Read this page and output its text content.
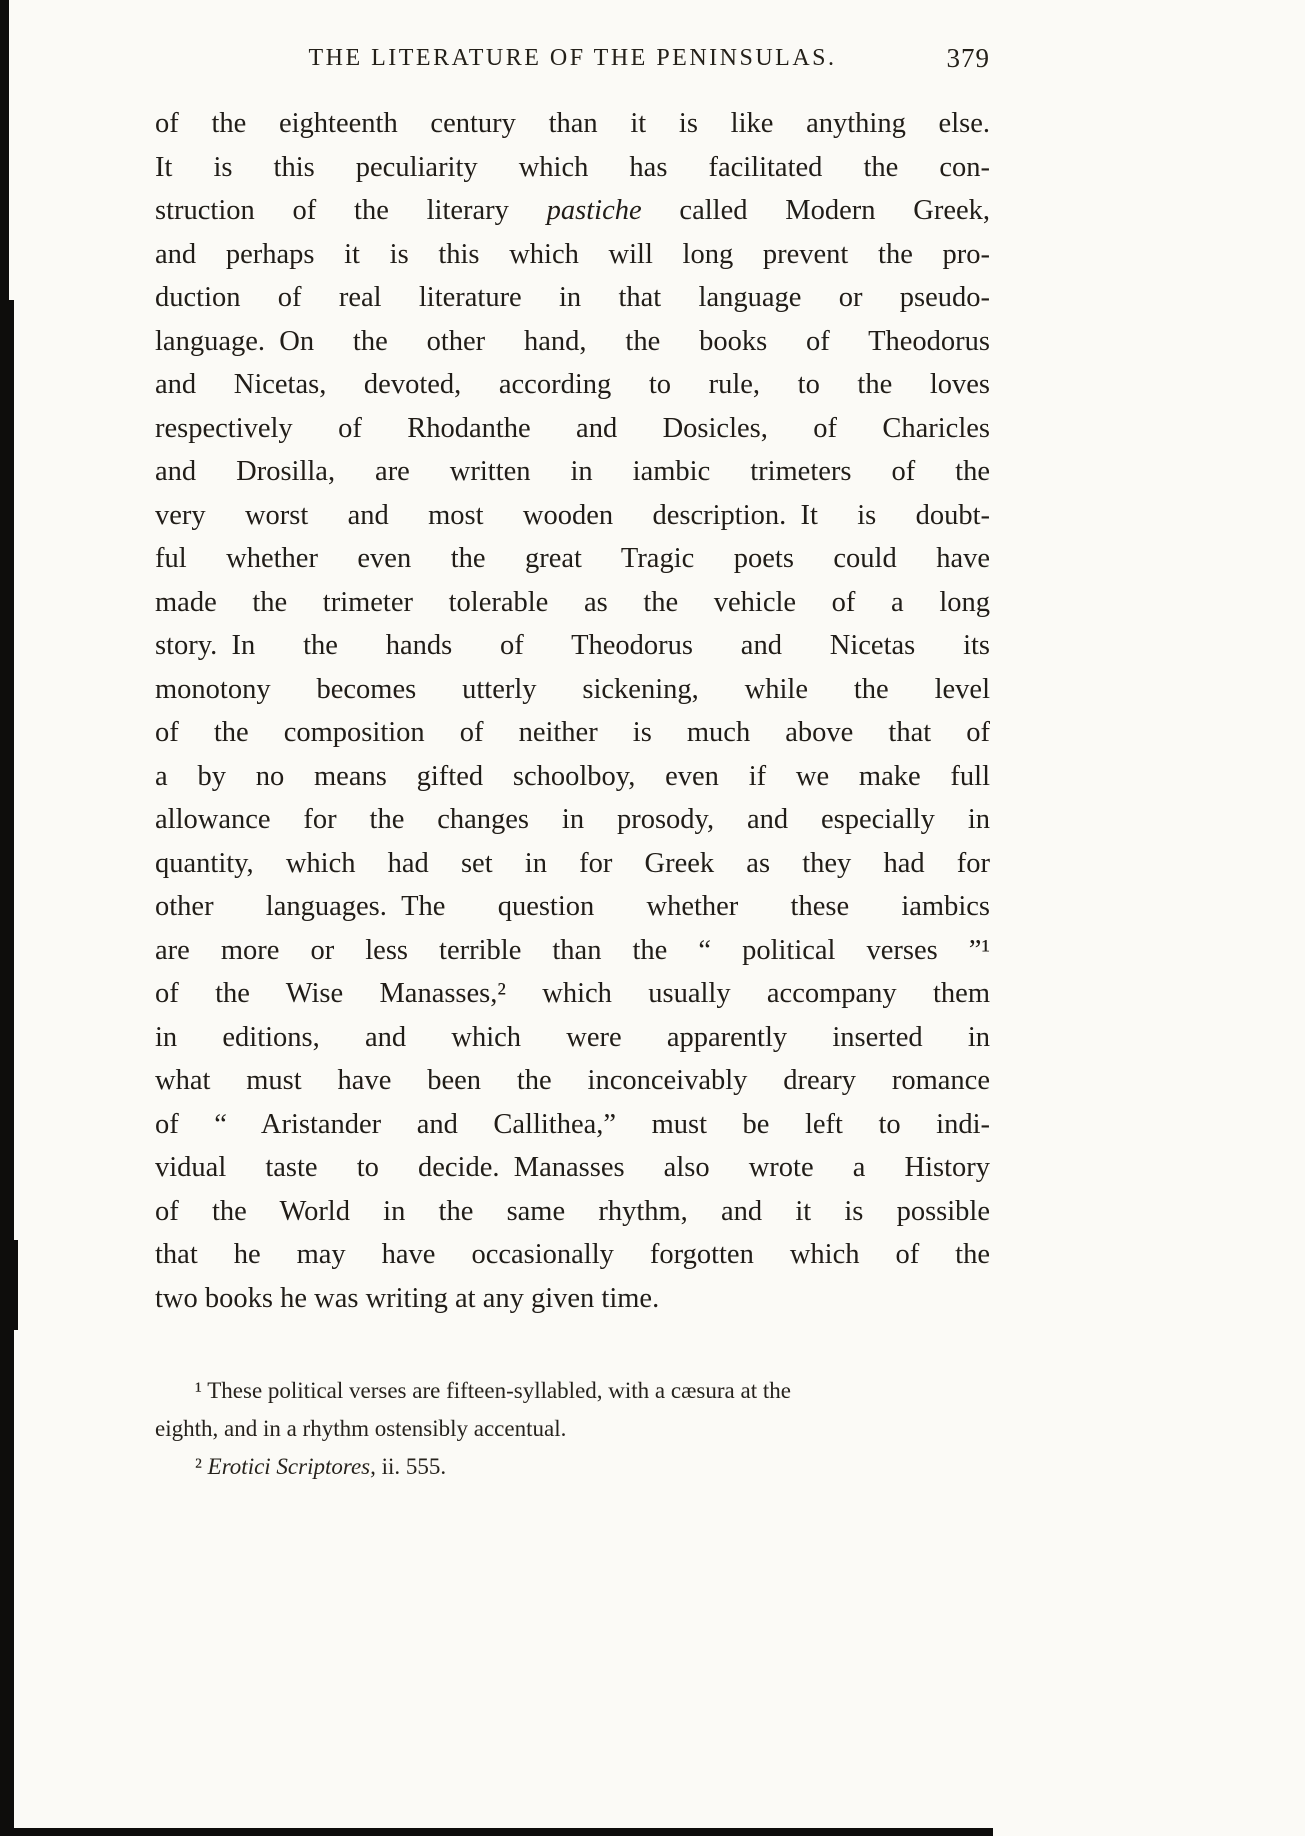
THE LITERATURE OF THE PENINSULAS.	379
of the eighteenth century than it is like anything else.
It is this peculiarity which has facilitated the con-
struction of the literary pastiche called Modern Greek,
and perhaps it is this which will long prevent the pro-
duction of real literature in that language or pseudo-
language. On the other hand, the books of Theodorus
and Nicetas, devoted, according to rule, to the loves
respectively of Rhodanthe and Dosicles, of Charicles
and Drosilla, are written in iambic trimeters of the
very worst and most wooden description. It is doubt-
ful whether even the great Tragic poets could have
made the trimeter tolerable as the vehicle of a long
story. In the hands of Theodorus and Nicetas its
monotony becomes utterly sickening, while the level
of the composition of neither is much above that of
a by no means gifted schoolboy, even if we make full
allowance for the changes in prosody, and especially in
quantity, which had set in for Greek as they had for
other languages. The question whether these iambics
are more or less terrible than the “ political verses ”¹
of the Wise Manasses,² which usually accompany them
in editions, and which were apparently inserted in
what must have been the inconceivably dreary romance
of “ Aristander and Callithea,” must be left to indi-
vidual taste to decide. Manasses also wrote a History
of the World in the same rhythm, and it is possible
that he may have occasionally forgotten which of the
two books he was writing at any given time.
¹ These political verses are fifteen-syllabled, with a cæsura at the
eighth, and in a rhythm ostensibly accentual.
² Erotici Scriptores, ii. 555.
